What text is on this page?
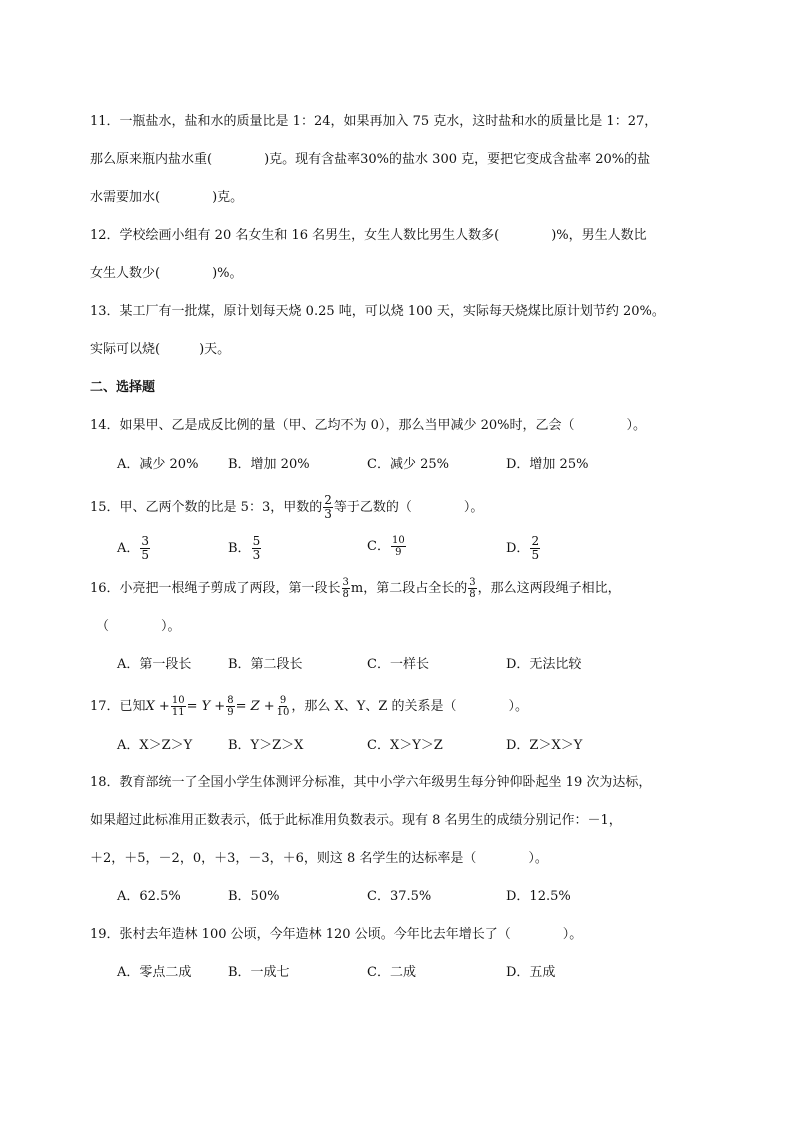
11．一瓶盐水，盐和水的质量比是 1：24，如果再加入 75 克水，这时盐和水的质量比是 1：27，
那么原来瓶内盐水重(　　　　)克。现有含盐率30%的盐水 300 克，要把它变成含盐率 20%的盐
水需要加水(　　　　)克。
12．学校绘画小组有 20 名女生和 16 名男生，女生人数比男生人数多(　　　　)%，男生人数比
女生人数少(　　　　)%。
13．某工厂有一批煤，原计划每天烧 0.25 吨，可以烧 100 天，实际每天烧煤比原计划节约 20%。
实际可以烧(　　　)天。
二、选择题
14．如果甲、乙是成反比例的量（甲、乙均不为 0），那么当甲减少 20%时，乙会（　　　　）。
A．减少 20% B．增加 20%	C．减少 25%	D．增加 25%
15．甲、乙两个数的比是 5：3，甲数的 $\frac{2}{3}$ 等于乙数的（　　　　）。
A． $\frac{3}{5}$	B． $\frac{5}{3}$	C． $\frac{10}{9}$	D． $\frac{2}{5}$
16．小亮把一根绳子剪成了两段，第一段长 $\frac{3}{8}$ m，第二段占全长的 $\frac{3}{8}$ ，那么这两段绳子相比，
（　　　　）。
A．第一段长	B．第二段长	C．一样长	D．无法比较
17．已知$X + \frac{10}{11} = Y + \frac{8}{9} = Z + \frac{9}{10}$ ，那么 X、Y、Z 的关系是（　　　　）。
A．X＞Z＞Y	B．Y＞Z＞X	C．X＞Y＞Z	D．Z＞X＞Y
18．教育部统一了全国小学生体测评分标准，其中小学六年级男生每分钟仰卧起坐 19 次为达标，
如果超过此标准用正数表示，低于此标准用负数表示。现有 8 名男生的成绩分别记作：－1，
＋2，＋5，－2，0，＋3，－3，＋6，则这 8 名学生的达标率是（　　　　）。
A．62.5%	B．50%	C．37.5%	D．12.5%
19．张村去年造林 100 公顷，今年造林 120 公顷。今年比去年增长了（　　　　）。
A．零点二成	B．一成七	C．二成	D．五成
